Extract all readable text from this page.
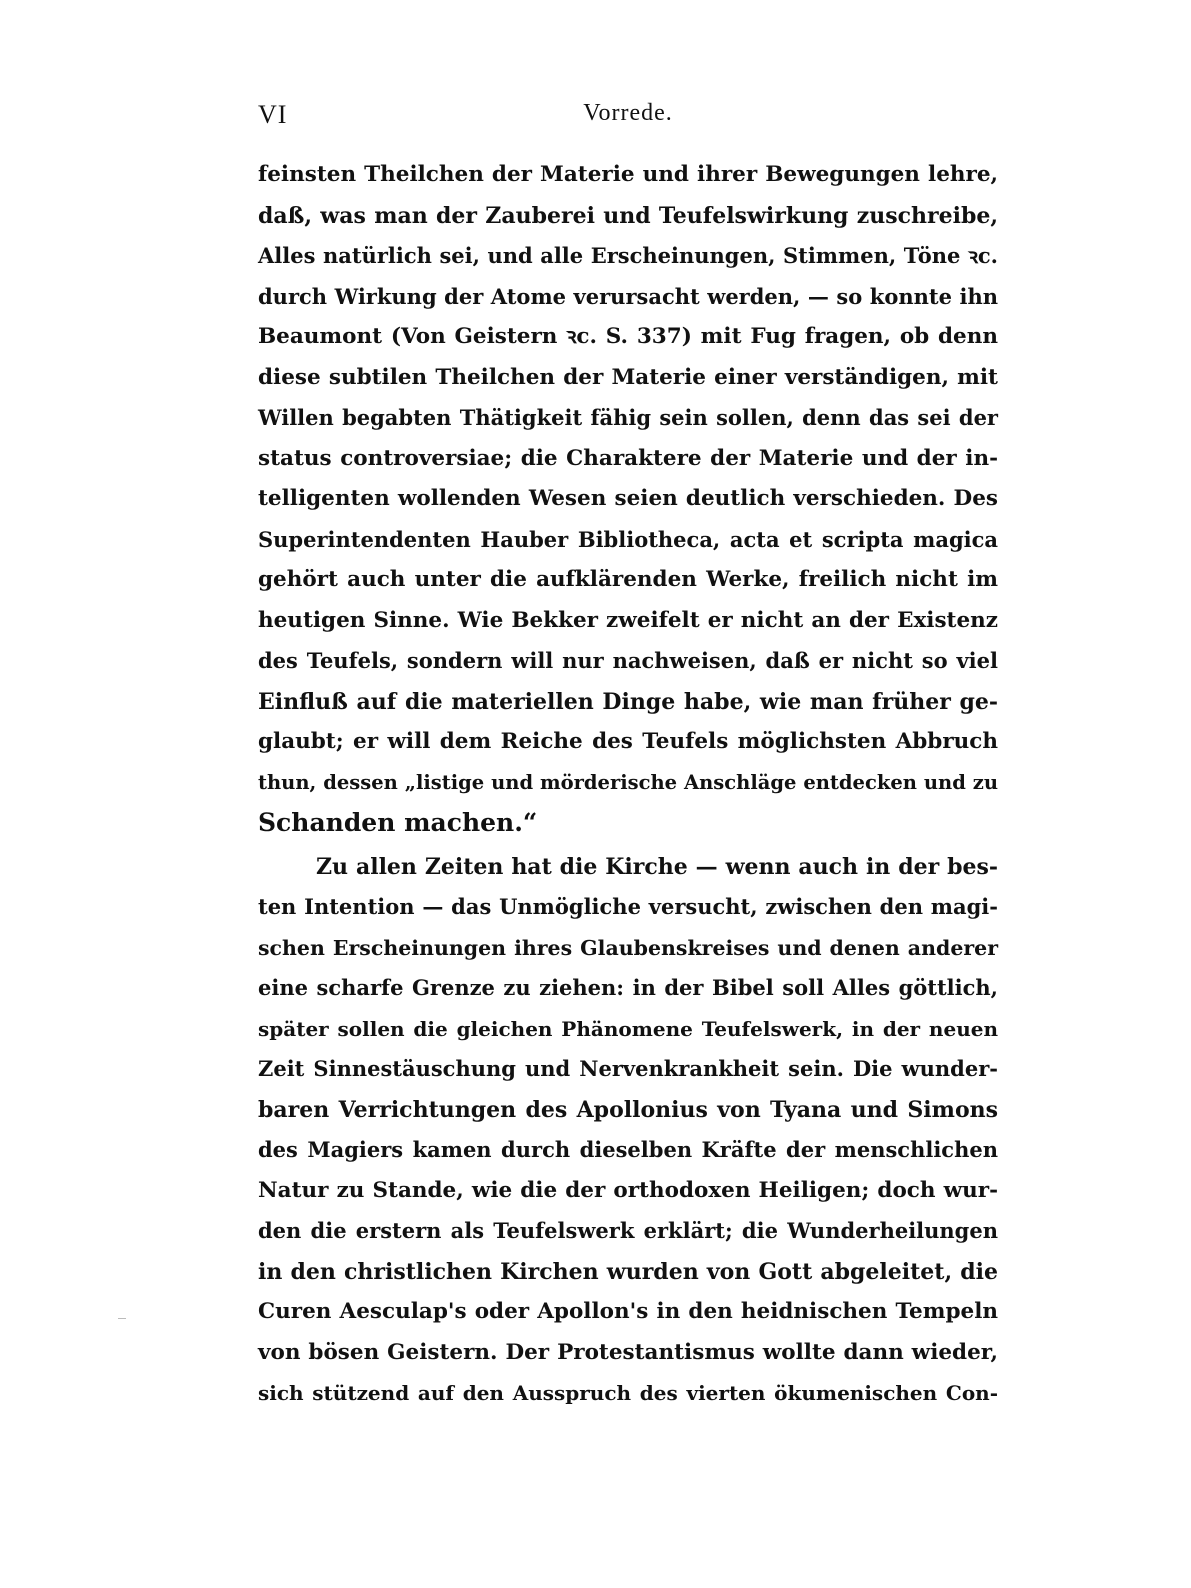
VI	Vorrede.
feinsten Theilchen der Materie und ihrer Bewegungen lehre,
daß, was man der Zauberei und Teufelswirkung zuschreibe,
Alles natürlich sei, und alle Erscheinungen, Stimmen, Töne ꝛc.
durch Wirkung der Atome verursacht werden, — so konnte ihn
Beaumont (Von Geistern ꝛc. S. 337) mit Fug fragen, ob denn
diese subtilen Theilchen der Materie einer verständigen, mit
Willen begabten Thätigkeit fähig sein sollen, denn das sei der
status controversiae; die Charaktere der Materie und der in-
telligenten wollenden Wesen seien deutlich verschieden. Des
Superintendenten Hauber Bibliotheca, acta et scripta magica
gehört auch unter die aufklärenden Werke, freilich nicht im
heutigen Sinne. Wie Bekker zweifelt er nicht an der Existenz
des Teufels, sondern will nur nachweisen, daß er nicht so viel
Einfluß auf die materiellen Dinge habe, wie man früher ge-
glaubt; er will dem Reiche des Teufels möglichsten Abbruch
thun, dessen „listige und mörderische Anschläge entdecken und zu
Schanden machen.“
Zu allen Zeiten hat die Kirche — wenn auch in der bes-
ten Intention — das Unmögliche versucht, zwischen den magi-
schen Erscheinungen ihres Glaubenskreises und denen anderer
eine scharfe Grenze zu ziehen: in der Bibel soll Alles göttlich,
später sollen die gleichen Phänomene Teufelswerk, in der neuen
Zeit Sinnestäuschung und Nervenkrankheit sein. Die wunder-
baren Verrichtungen des Apollonius von Tyana und Simons
des Magiers kamen durch dieselben Kräfte der menschlichen
Natur zu Stande, wie die der orthodoxen Heiligen; doch wur-
den die erstern als Teufelswerk erklärt; die Wunderheilungen
in den christlichen Kirchen wurden von Gott abgeleitet, die
Curen Aesculap's oder Apollon's in den heidnischen Tempeln
von bösen Geistern. Der Protestantismus wollte dann wieder,
sich stützend auf den Ausspruch des vierten ökumenischen Con-
